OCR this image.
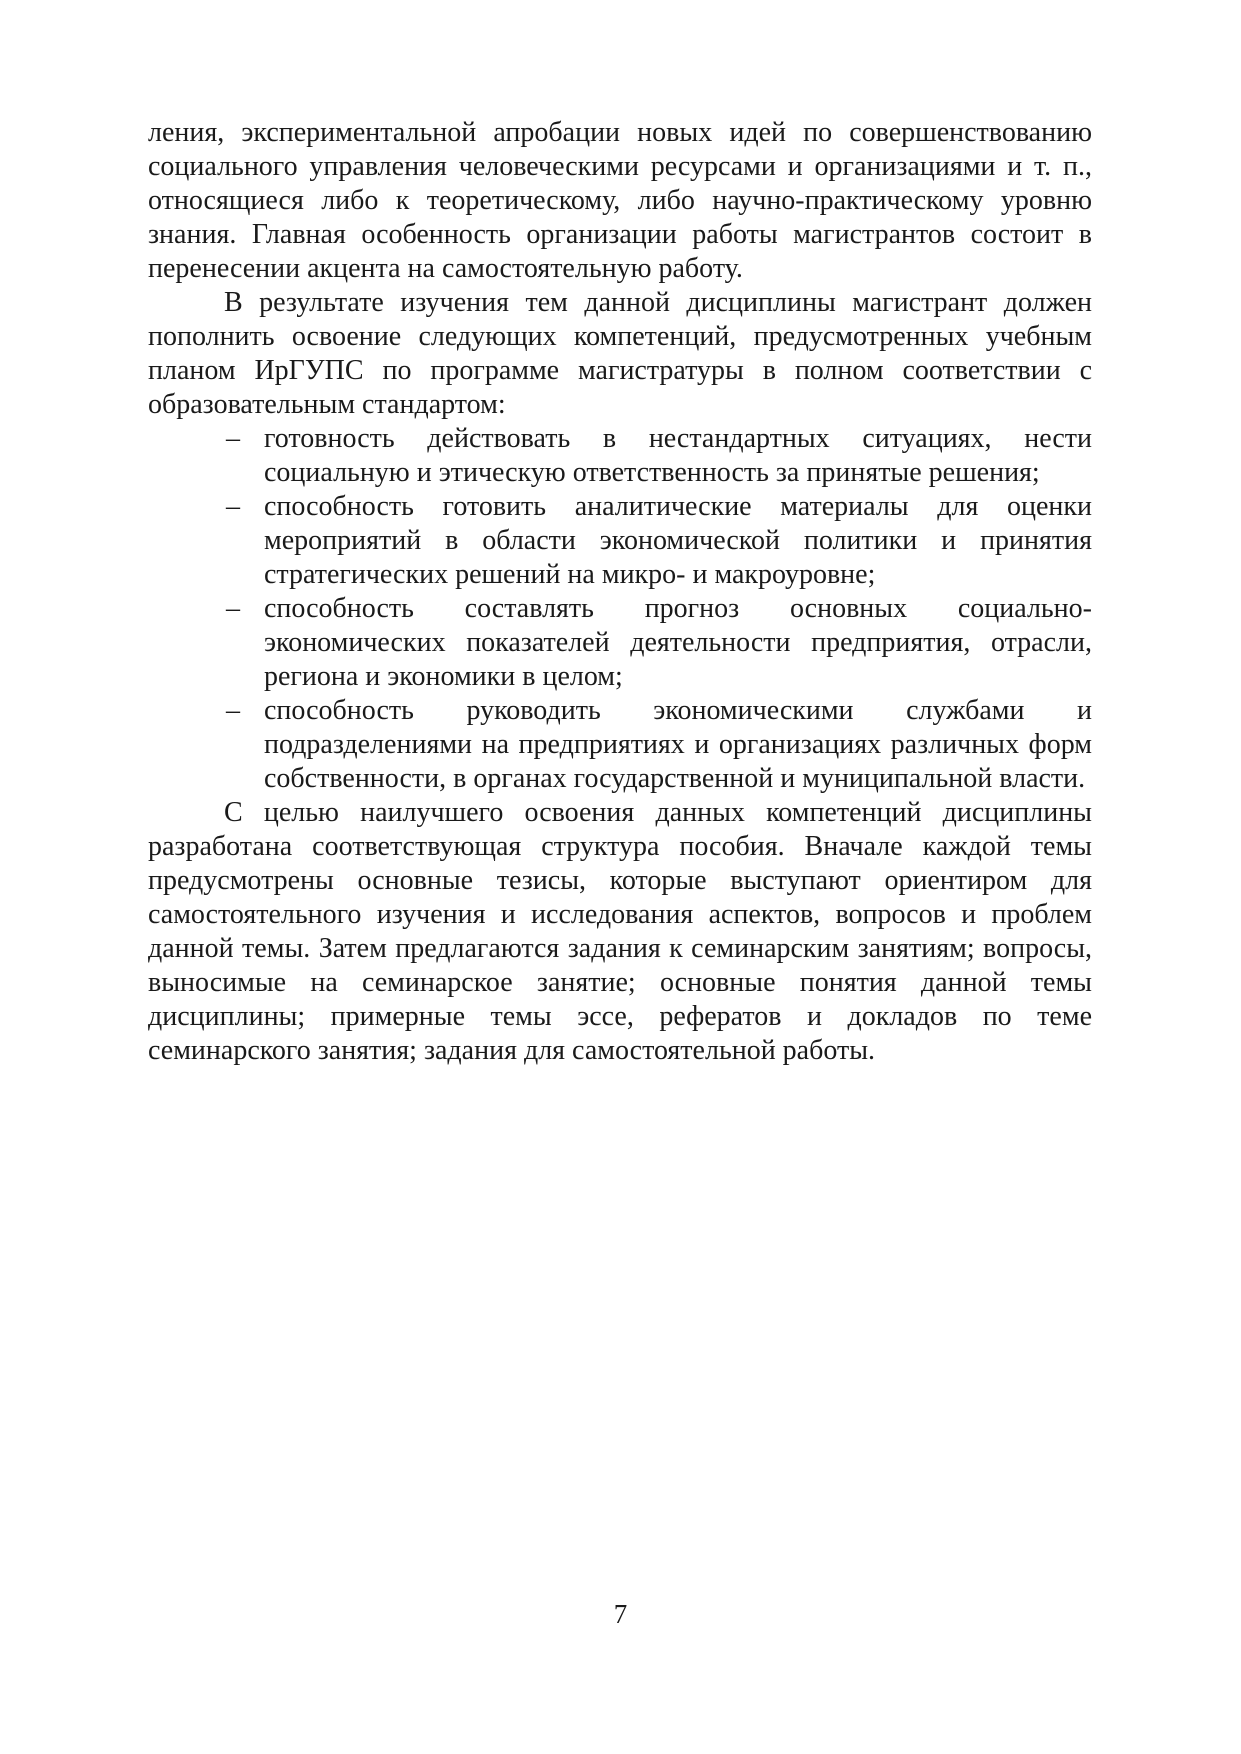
ления, экспериментальной апробации новых идей по совершенствованию социального управления человеческими ресурсами и организациями и т. п., относящиеся либо к теоретическому, либо научно-практическому уровню знания. Главная особенность организации работы магистрантов состоит в перенесении акцента на самостоятельную работу.

В результате изучения тем данной дисциплины магистрант должен пополнить освоение следующих компетенций, предусмотренных учебным планом ИрГУПС по программе магистратуры в полном соответствии с образовательным стандартом:

– готовность действовать в нестандартных ситуациях, нести социальную и этическую ответственность за принятые решения;
– способность готовить аналитические материалы для оценки мероприятий в области экономической политики и принятия стратегических решений на микро- и макроуровне;
– способность составлять прогноз основных социально-экономических показателей деятельности предприятия, отрасли, региона и экономики в целом;
– способность руководить экономическими службами и подразделениями на предприятиях и организациях различных форм собственности, в органах государственной и муниципальной власти.

С целью наилучшего освоения данных компетенций дисциплины разработана соответствующая структура пособия. Вначале каждой темы предусмотрены основные тезисы, которые выступают ориентиром для самостоятельного изучения и исследования аспектов, вопросов и проблем данной темы. Затем предлагаются задания к семинарским занятиям; вопросы, выносимые на семинарское занятие; основные понятия данной темы дисциплины; примерные темы эссе, рефератов и докладов по теме семинарского занятия; задания для самостоятельной работы.

7
